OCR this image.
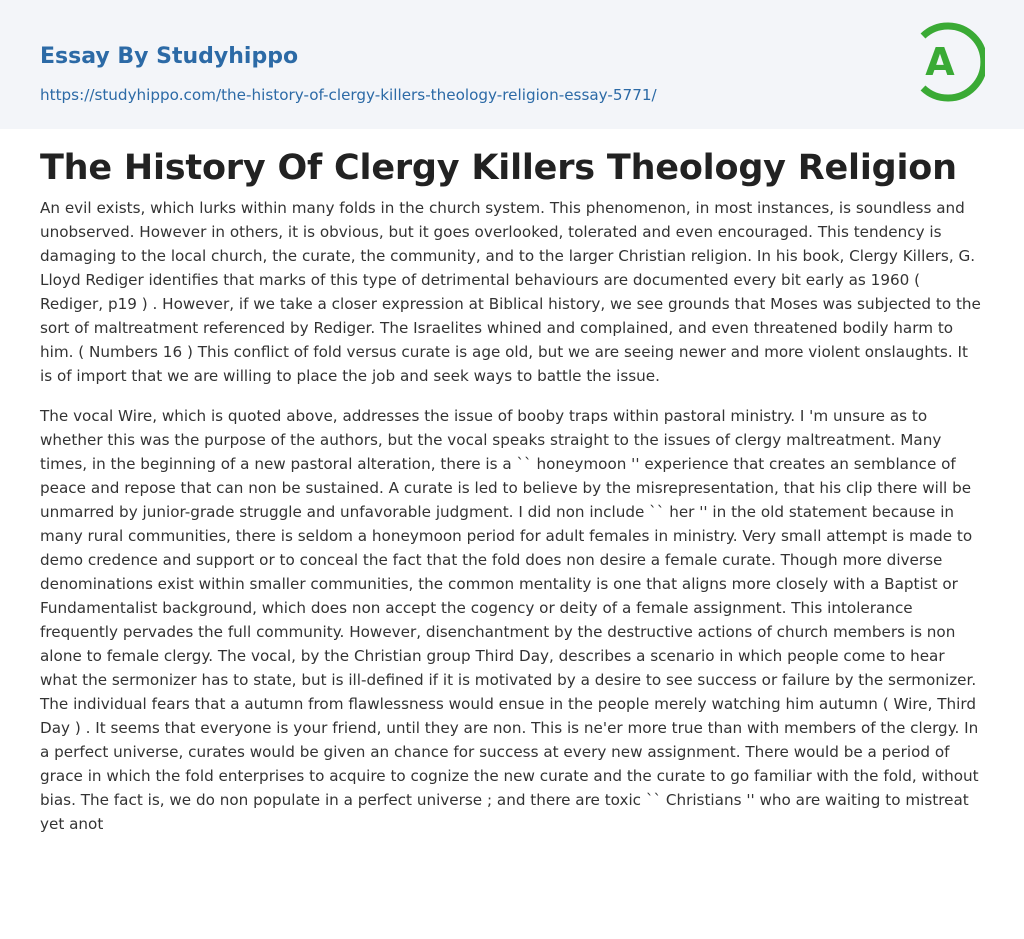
Essay By Studyhippo
https://studyhippo.com/the-history-of-clergy-killers-theology-religion-essay-5771/
A
The History Of Clergy Killers Theology Religion

An evil exists, which lurks within many folds in the church system. This phenomenon, in most instances, is soundless and unobserved. However in others, it is obvious, but it goes overlooked, tolerated and even encouraged. This tendency is damaging to the local church, the curate, the community, and to the larger Christian religion. In his book, Clergy Killers, G. Lloyd Rediger identifies that marks of this type of detrimental behaviours are documented every bit early as 1960 ( Rediger, p19 ) . However, if we take a closer expression at Biblical history, we see grounds that Moses was subjected to the sort of maltreatment referenced by Rediger. The Israelites whined and complained, and even threatened bodily harm to him. ( Numbers 16 ) This conflict of fold versus curate is age old, but we are seeing newer and more violent onslaughts. It is of import that we are willing to place the job and seek ways to battle the issue.

The vocal Wire, which is quoted above, addresses the issue of booby traps within pastoral ministry. I 'm unsure as to whether this was the purpose of the authors, but the vocal speaks straight to the issues of clergy maltreatment. Many times, in the beginning of a new pastoral alteration, there is a `` honeymoon '' experience that creates an semblance of peace and repose that can non be sustained. A curate is led to believe by the misrepresentation, that his clip there will be unmarred by junior-grade struggle and unfavorable judgment. I did non include `` her '' in the old statement because in many rural communities, there is seldom a honeymoon period for adult females in ministry. Very small attempt is made to demo credence and support or to conceal the fact that the fold does non desire a female curate. Though more diverse denominations exist within smaller communities, the common mentality is one that aligns more closely with a Baptist or Fundamentalist background, which does non accept the cogency or deity of a female assignment. This intolerance frequently pervades the full community. However, disenchantment by the destructive actions of church members is non alone to female clergy. The vocal, by the Christian group Third Day, describes a scenario in which people come to hear what the sermonizer has to state, but is ill-defined if it is motivated by a desire to see success or failure by the sermonizer. The individual fears that a autumn from flawlessness would ensue in the people merely watching him autumn ( Wire, Third Day ) . It seems that everyone is your friend, until they are non. This is ne'er more true than with members of the clergy. In a perfect universe, curates would be given an chance for success at every new assignment. There would be a period of grace in which the fold enterprises to acquire to cognize the new curate and the curate to go familiar with the fold, without bias. The fact is, we do non populate in a perfect universe ; and there are toxic `` Christians '' who are waiting to mistreat yet anot
